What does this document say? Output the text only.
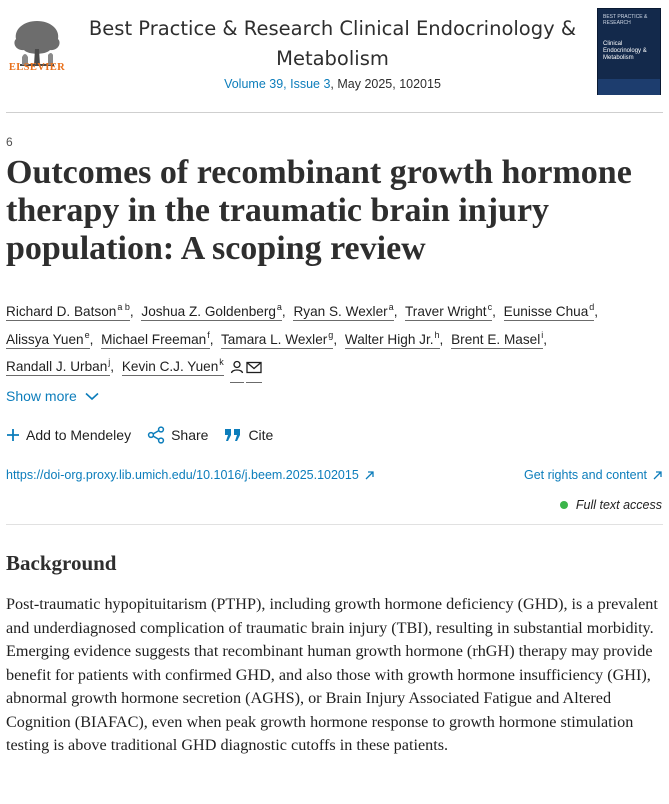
ELSEVIER
Best Practice & Research Clinical Endocrinology & Metabolism
Volume 39, Issue 3, May 2025, 102015
BEST PRACTICE & RESEARCH
Clinical Endocrinology & Metabolism
6
Outcomes of recombinant growth hormone therapy in the traumatic brain injury population: A scoping review
Richard D. Batson$^{a b}$, Joshua Z. Goldenberg$^a$, Ryan S. Wexler$^a$, Traver Wright$^c$, Eunisse Chua$^d$, Alissya Yuen$^e$, Michael Freeman$^f$, Tamara L. Wexler$^g$, Walter High Jr.$^h$, Brent E. Masel$^i$, Randall J. Urban$^j$, Kevin C.J. Yuen$^k$
Show more
Add to Mendeley	Share	Cite
https://doi-org.proxy.lib.umich.edu/10.1016/j.beem.2025.102015	Get rights and content
Full text access
Background

Post-traumatic hypopituitarism (PTHP), including growth hormone deficiency (GHD), is a prevalent and underdiagnosed complication of traumatic brain injury (TBI), resulting in substantial morbidity. Emerging evidence suggests that recombinant human growth hormone (rhGH) therapy may provide benefit for patients with confirmed GHD, and also those with growth hormone insufficiency (GHI), abnormal growth hormone secretion (AGHS), or Brain Injury Associated Fatigue and Altered Cognition (BIAFAC), even when peak growth hormone response to growth hormone stimulation testing is above traditional GHD diagnostic cutoffs in these patients.
